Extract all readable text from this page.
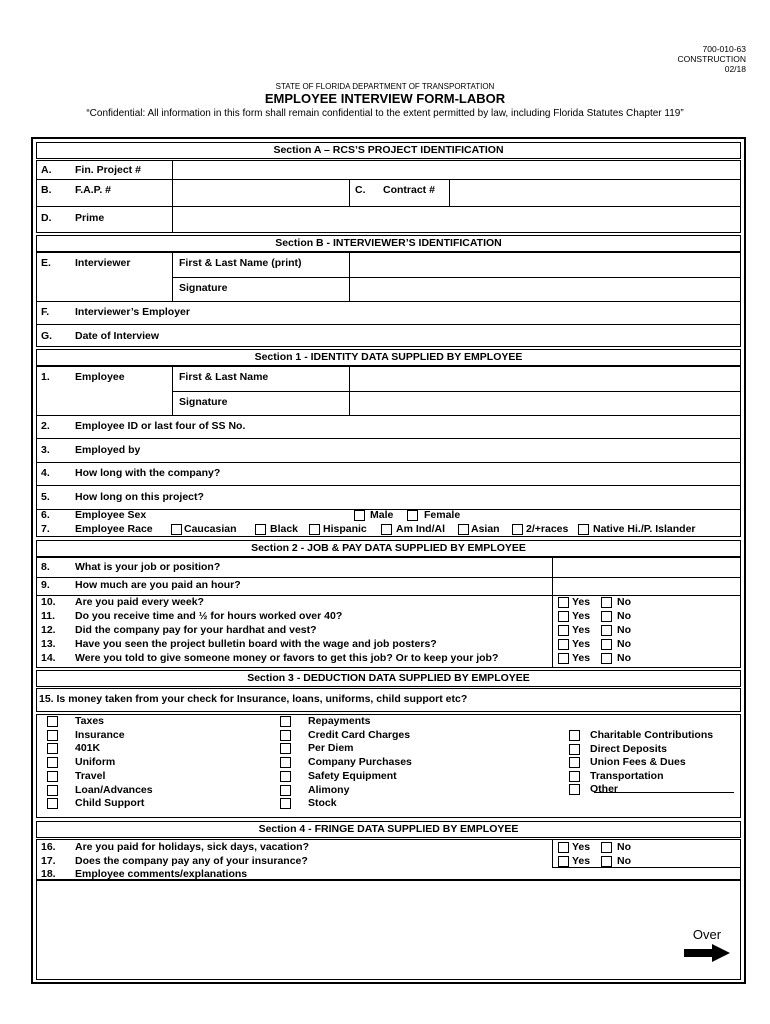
700-010-63
CONSTRUCTION
02/18
STATE OF FLORIDA DEPARTMENT OF TRANSPORTATION
EMPLOYEE INTERVIEW FORM-LABOR
“Confidential: All information in this form shall remain confidential to the extent permitted by law, including Florida Statutes Chapter 119”
Section A – RCS’S PROJECT IDENTIFICATION
A. Fin. Project #
B. F.A.P. #	C. Contract #
D. Prime
Section B - INTERVIEWER’S IDENTIFICATION
E. Interviewer	First & Last Name (print)
Signature
F. Interviewer’s Employer
G. Date of Interview
Section 1 - IDENTITY DATA SUPPLIED BY EMPLOYEE
1. Employee	First & Last Name
Signature
2. Employee ID or last four of SS No.
3. Employed by
4. How long with the company?
5. How long on this project?
6. Employee Sex	Male	Female
7. Employee Race	Caucasian	Black Hispanic	Am Ind/Al Asian	2/+races Native Hi./P. Islander
Section 2 - JOB & PAY DATA SUPPLIED BY EMPLOYEE
8. What is your job or position?
9. How much are you paid an hour?
10. Are you paid every week?	Yes	No
11. Do you receive time and ½ for hours worked over 40?	Yes	No
12. Did the company pay for your hardhat and vest?	Yes	No
13. Have you seen the project bulletin board with the wage and job posters?	Yes	No
14. Were you told to give someone money or favors to get this job? Or to keep your job?	Yes	No
Section 3 - DEDUCTION DATA SUPPLIED BY EMPLOYEE
15. Is money taken from your check for Insurance, loans, uniforms, child support etc?
Taxes
Insurance
401K
Uniform
Travel
Loan/Advances
Child Support
Repayments
Credit Card Charges
Per Diem
Company Purchases
Safety Equipment
Alimony
Stock
Charitable Contributions
Direct Deposits
Union Fees & Dues
Transportation
Other
Section 4 - FRINGE DATA SUPPLIED BY EMPLOYEE
16. Are you paid for holidays, sick days, vacation?	Yes	No
17. Does the company pay any of your insurance?	Yes	No
18. Employee comments/explanations
Over
